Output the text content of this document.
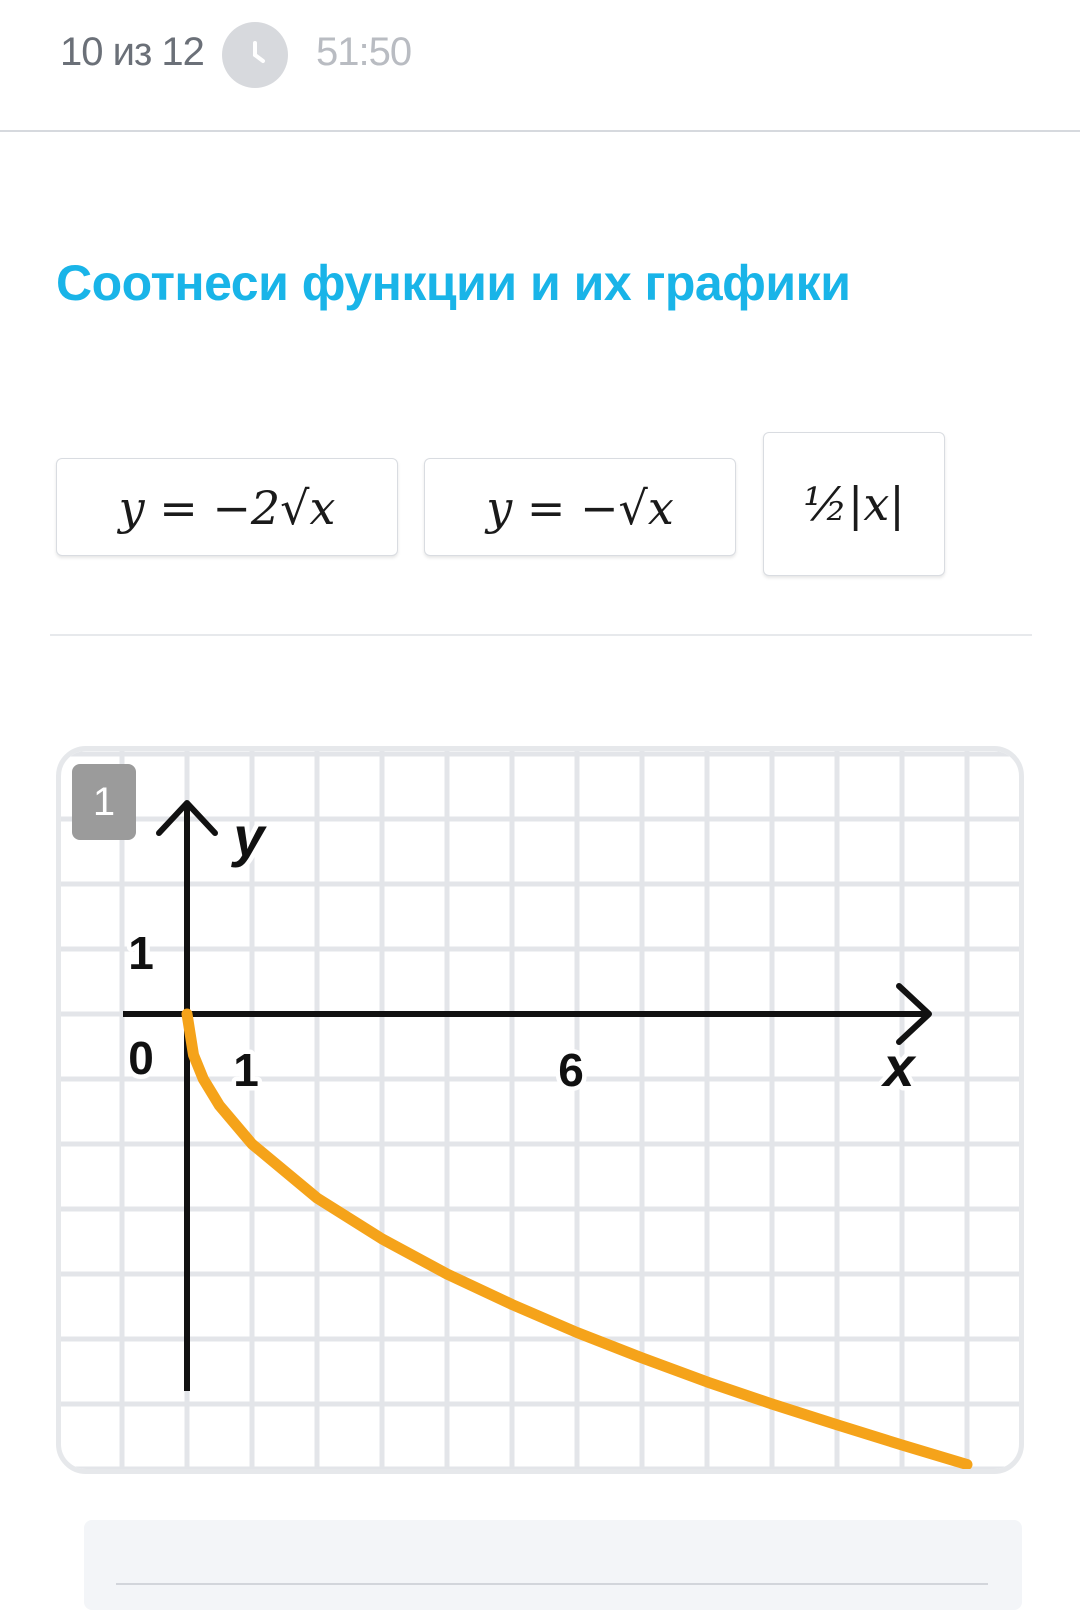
10 из 12	51:50
Соотнеси функции и их графики
y = −2√x	y = −√x	½|x|
y
x
0
1
1	6
1
